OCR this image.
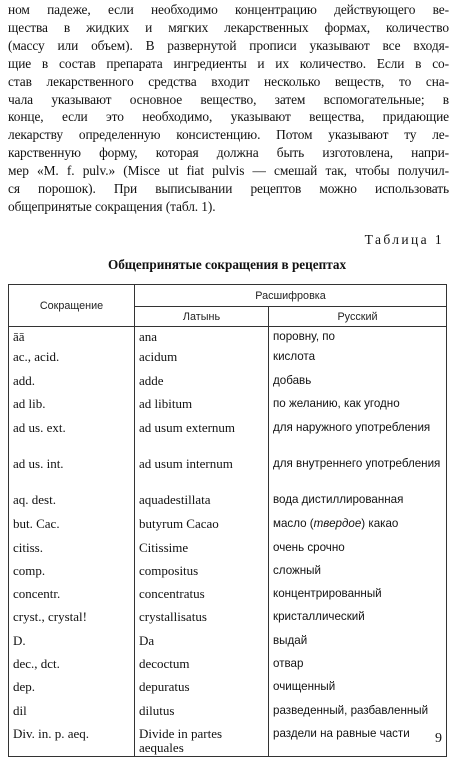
ном падеже, если необходимо концентрацию действующего ве-
щества в жидких и мягких лекарственных формах, количество
(массу или объем). В развернутой прописи указывают все входя-
щие в состав препарата ингредиенты и их количество. Если в со-
став лекарственного средства входит несколько веществ, то сна-
чала указывают основное вещество, затем вспомогательные; в
конце, если это необходимо, указывают вещества, придающие
лекарству определенную консистенцию. Потом указывают ту ле-
карственную форму, которая должна быть изготовлена, напри-
мер «M. f. pulv.» (Misce ut fiat pulvis — смешай так, чтобы получил-
ся порошок). При выписывании рецептов можно использовать
общепринятые сокращения (табл. 1).
Таблица 1
Общепринятые сокращения в рецептах
Сокращение	Расшифровка	
	Латынь	Русский
āā	ana	поровну, по
ac., acid.	acidum	кислота
add.	adde	добавь
ad lib.	ad libitum	по желанию, как угодно
ad us. ext.	ad usum externum	для наружного употребления
ad us. int.	ad usum internum	для внутреннего употребления
aq. dest.	aquadestillata	вода дистиллированная
but. Cac.	butyrum Cacao	масло (твердое) какао
citiss.	Citissime	очень срочно
comp.	compositus	сложный
concentr.	concentratus	концентрированный
cryst., crystal!	crystallisatus	кристаллический
D.	Da	выдай
dec., dct.	decoctum	отвар
dep.	depuratus	очищенный
dil	dilutus	разведенный, разбавленный
Div. in. p. aeq.	Divide in partes aequales	раздели на равные части 9
